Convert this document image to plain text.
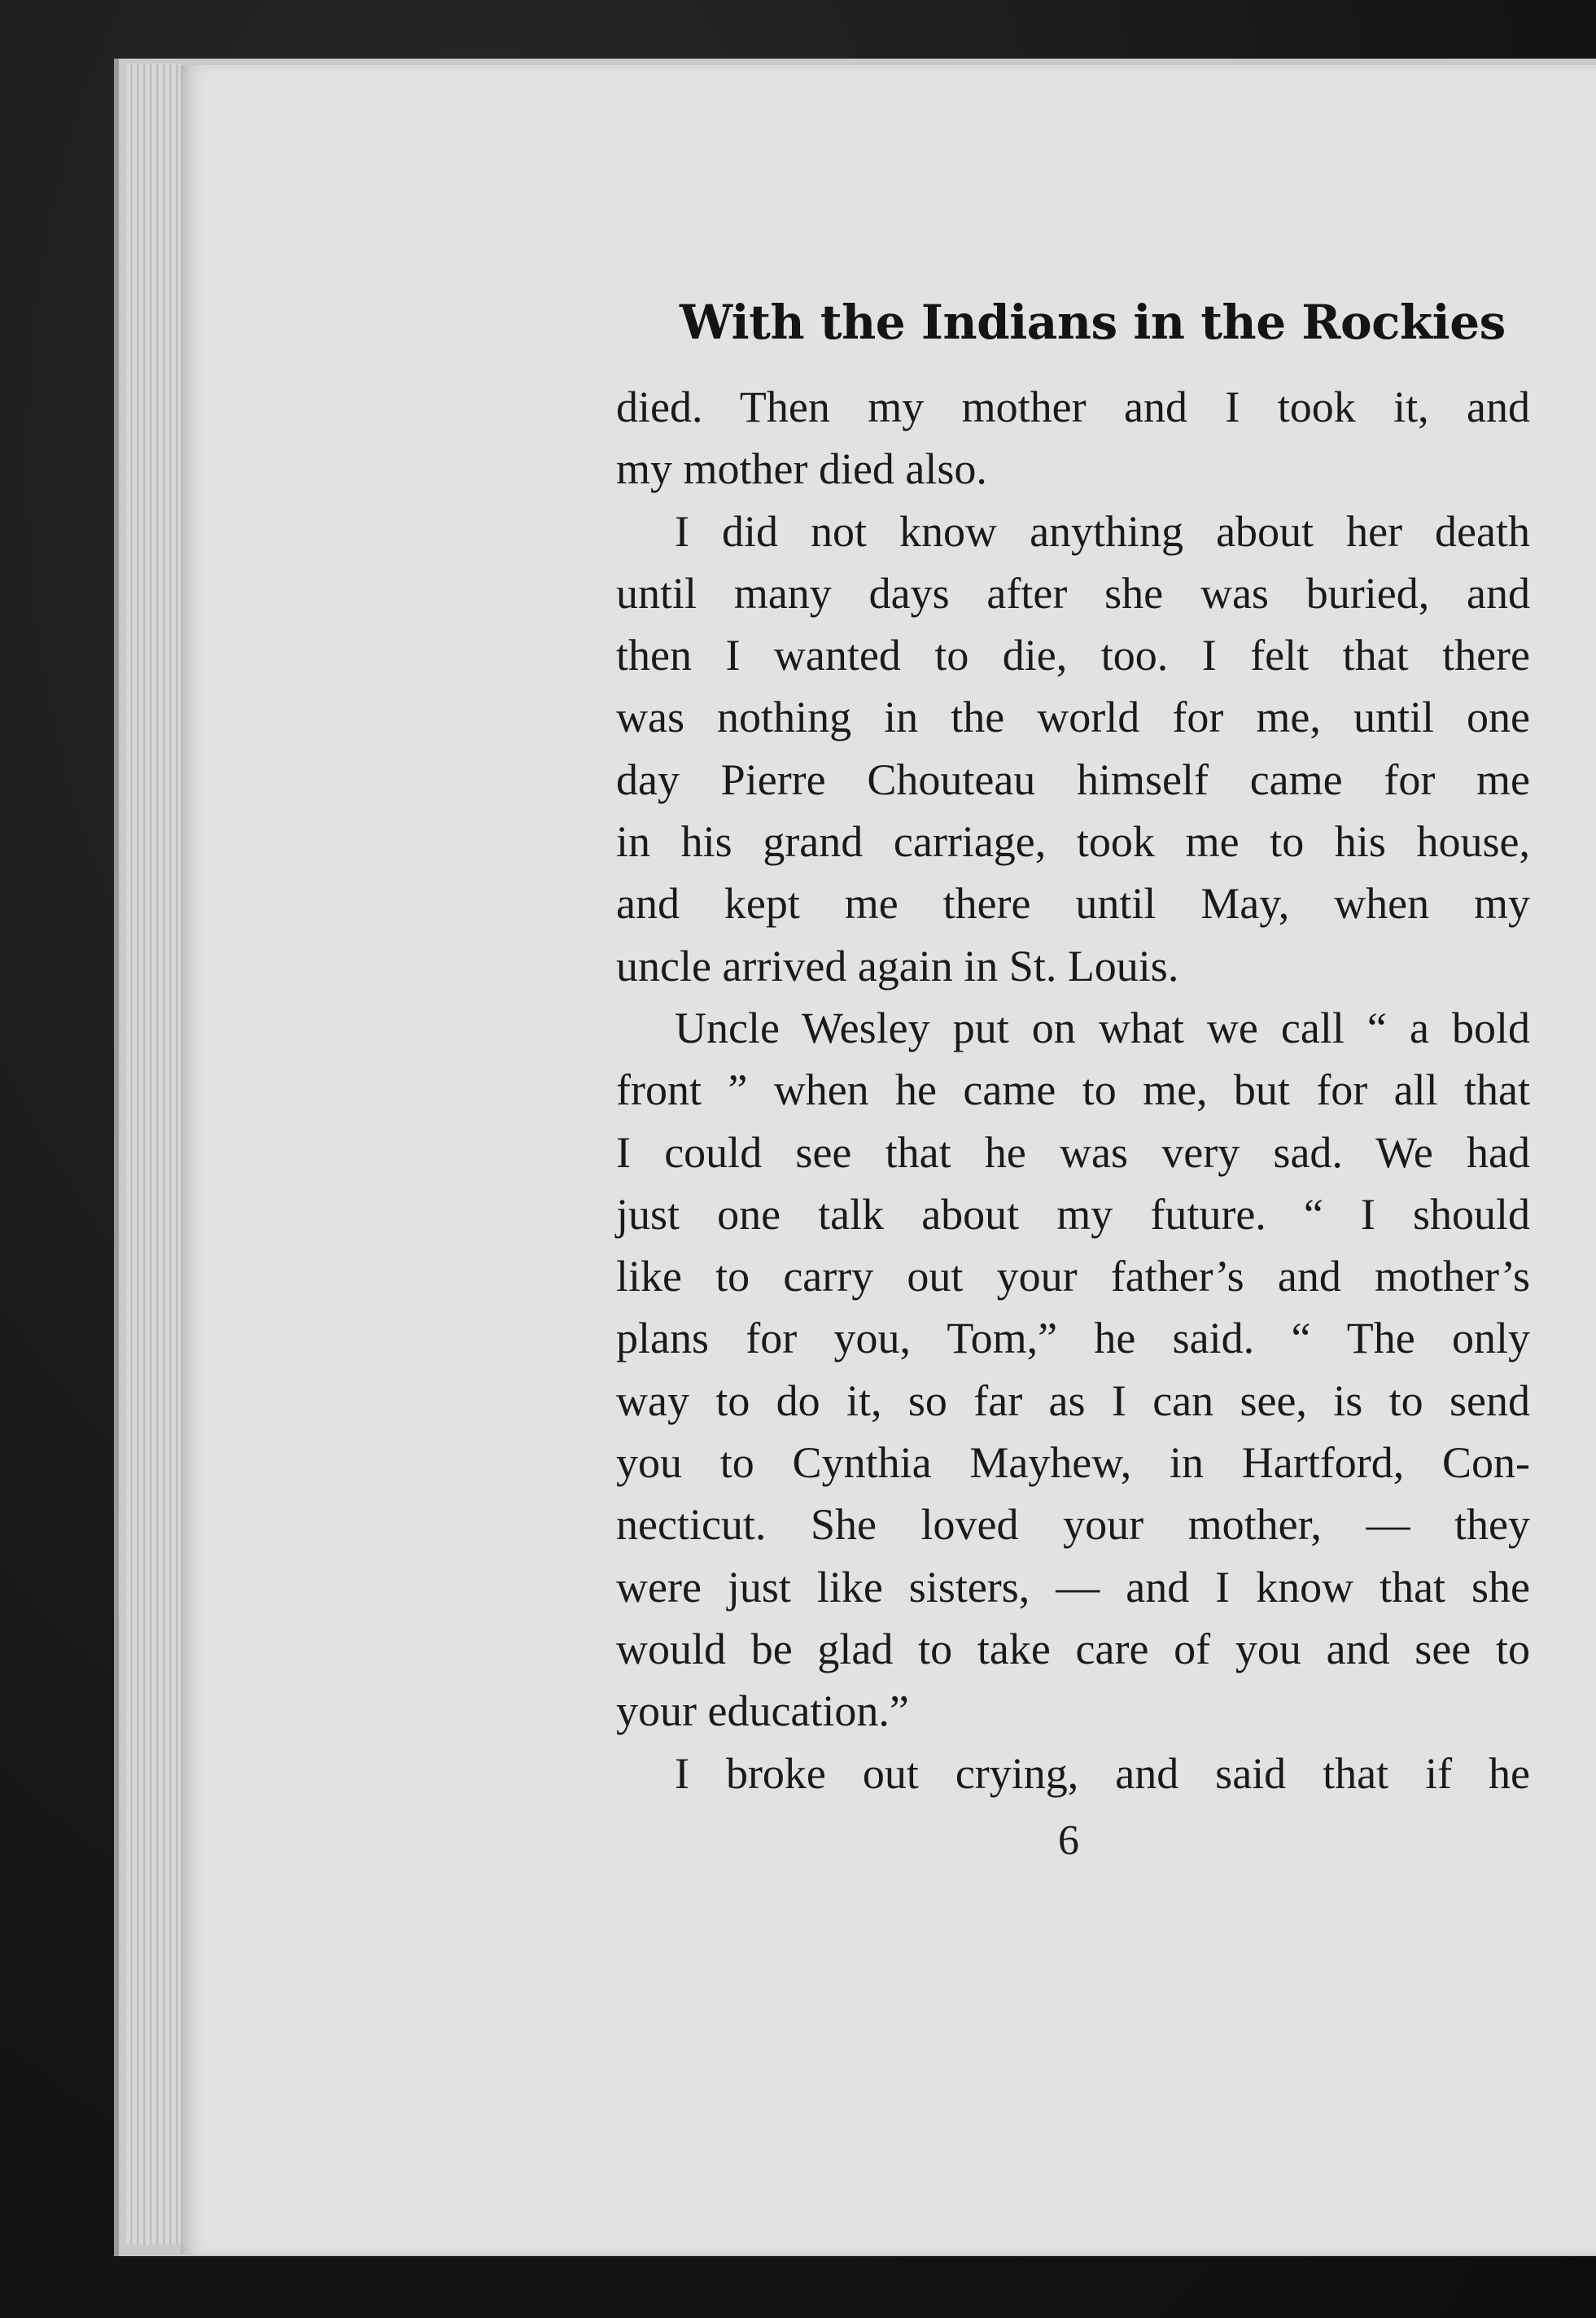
With the Indians in the Rockies
died. Then my mother and I took it, and
my mother died also.
I did not know anything about her death
until many days after she was buried, and
then I wanted to die, too. I felt that there
was nothing in the world for me, until one
day Pierre Chouteau himself came for me
in his grand carriage, took me to his house,
and kept me there until May, when my
uncle arrived again in St. Louis.
Uncle Wesley put on what we call “ a bold
front ” when he came to me, but for all that
I could see that he was very sad. We had
just one talk about my future. “ I should
like to carry out your father’s and mother’s
plans for you, Tom,” he said. “ The only
way to do it, so far as I can see, is to send
you to Cynthia Mayhew, in Hartford, Con-
necticut. She loved your mother, — they
were just like sisters, — and I know that she
would be glad to take care of you and see to
your education.”
I broke out crying, and said that if he
6
